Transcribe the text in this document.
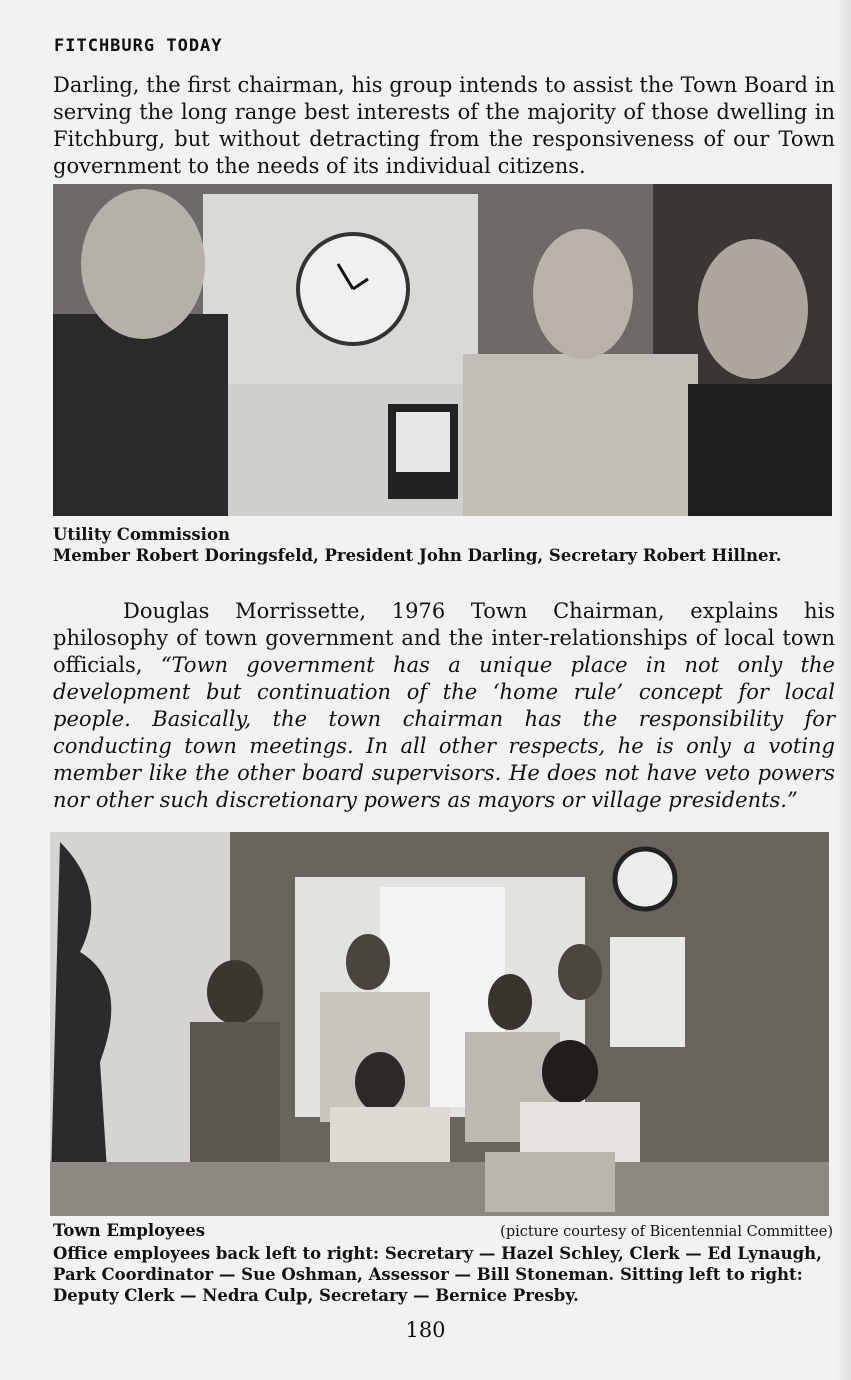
FITCHBURG TODAY

Darling, the first chairman, his group intends to assist the Town Board in serving the long range best interests of the majority of those dwelling in Fitchburg, but without detracting from the responsiveness of our Town government to the needs of its individual citizens.

Utility Commission
Member Robert Doringsfeld, President John Darling, Secretary Robert Hillner.

Douglas Morrissette, 1976 Town Chairman, explains his philosophy of town government and the inter-relationships of local town officials, “Town government has a unique place in not only the development but continuation of the ‘home rule’ concept for local people. Basically, the town chairman has the responsibility for conducting town meetings. In all other respects, he is only a voting member like the other board supervisors. He does not have veto powers nor other such discretionary powers as mayors or village presidents.”

Town Employees	(picture courtesy of Bicentennial Committee)
Office employees back left to right: Secretary — Hazel Schley, Clerk — Ed Lynaugh, Park Coordinator — Sue Oshman, Assessor — Bill Stoneman. Sitting left to right: Deputy Clerk — Nedra Culp, Secretary — Bernice Presby.
180
